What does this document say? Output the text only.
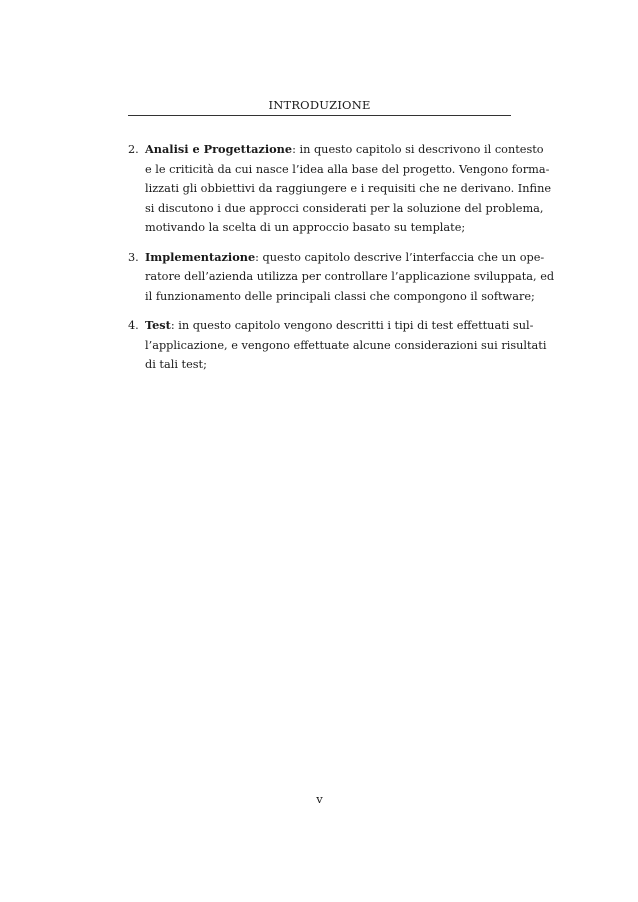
INTRODUZIONE
2. Analisi e Progettazione: in questo capitolo si descrivono il contesto
e le criticità da cui nasce l’idea alla base del progetto. Vengono forma-
lizzati gli obbiettivi da raggiungere e i requisiti che ne derivano. Infine
si discutono i due approcci considerati per la soluzione del problema,
motivando la scelta di un approccio basato su template;
3. Implementazione: questo capitolo descrive l’interfaccia che un ope-
ratore dell’azienda utilizza per controllare l’applicazione sviluppata, ed
il funzionamento delle principali classi che compongono il software;
4. Test: in questo capitolo vengono descritti i tipi di test effettuati sul-
l’applicazione, e vengono effettuate alcune considerazioni sui risultati
di tali test;
v
